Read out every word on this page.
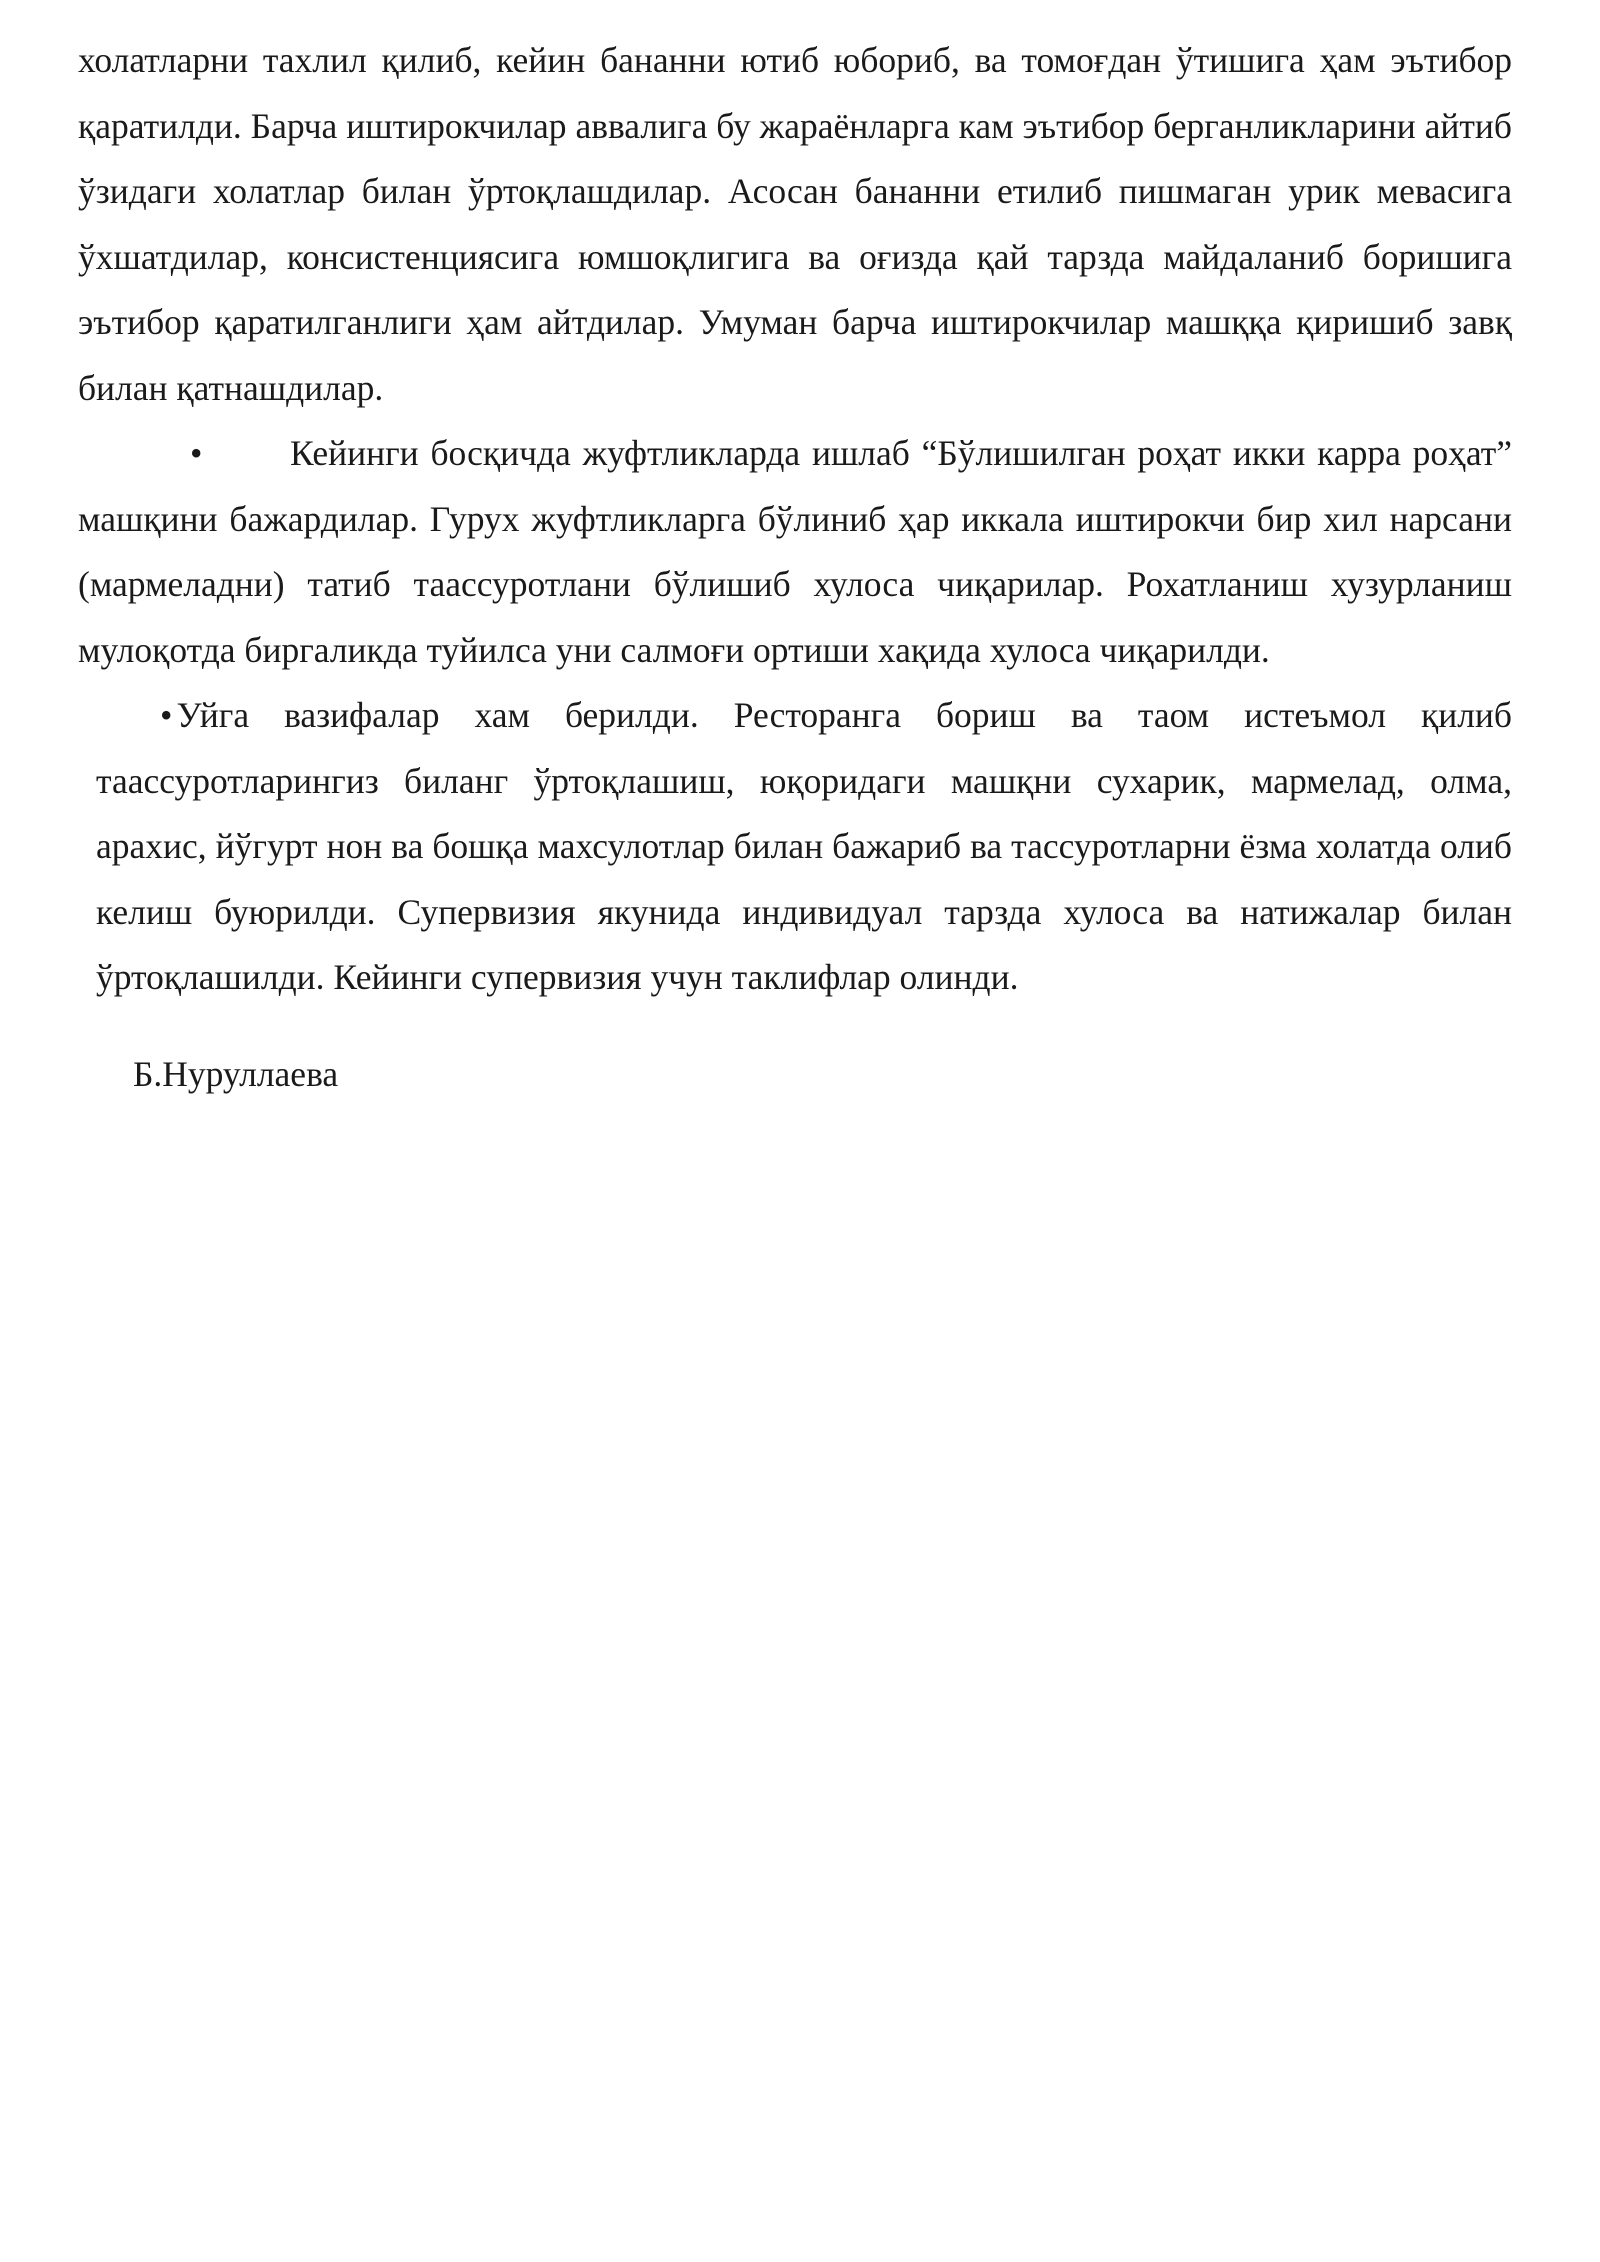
холатларни тахлил қилиб, кейин бананни ютиб юбориб, ва томоғдан ўтишига ҳам эътибор қаратилди. Барча иштирокчилар аввалига бу жараёнларга кам эътибор берганликларини айтиб ўзидаги холатлар билан ўртоқлашдилар. Асосан бананни етилиб пишмаган урик мевасига ўхшатдилар, консистенциясига юмшоқлигига ва оғизда қай тарзда майдаланиб боришига эътибор қаратилганлиги ҳам айтдилар. Умуман барча иштирокчилар машққа қиришиб завқ билан қатнашдилар.

• Кейинги босқичда жуфтликларда ишлаб “Бўлишилган роҳат икки карра роҳат” машқини бажардилар. Гурух жуфтликларга бўлиниб ҳар иккала иштирокчи бир хил нарсани (мармеладни) татиб таассуротлани бўлишиб хулоса чиқарилар. Рохатланиш хузурланиш мулоқотда биргаликда туйилса уни салмоғи ортиши хақида хулоса чиқарилди.

• Уйга вазифалар хам берилди. Ресторанга бориш ва таом истеъмол қилиб таассуротларингиз биланг ўртоқлашиш, юқоридаги машқни сухарик, мармелад, олма, арахис, йўгурт нон ва бошқа махсулотлар билан бажариб ва тассуротларни ёзма холатда олиб келиш буюрилди. Супервизия якунида индивидуал тарзда хулоса ва натижалар билан ўртоқлашилди. Кейинги супервизия учун таклифлар олинди.

Б.Нуруллаева
